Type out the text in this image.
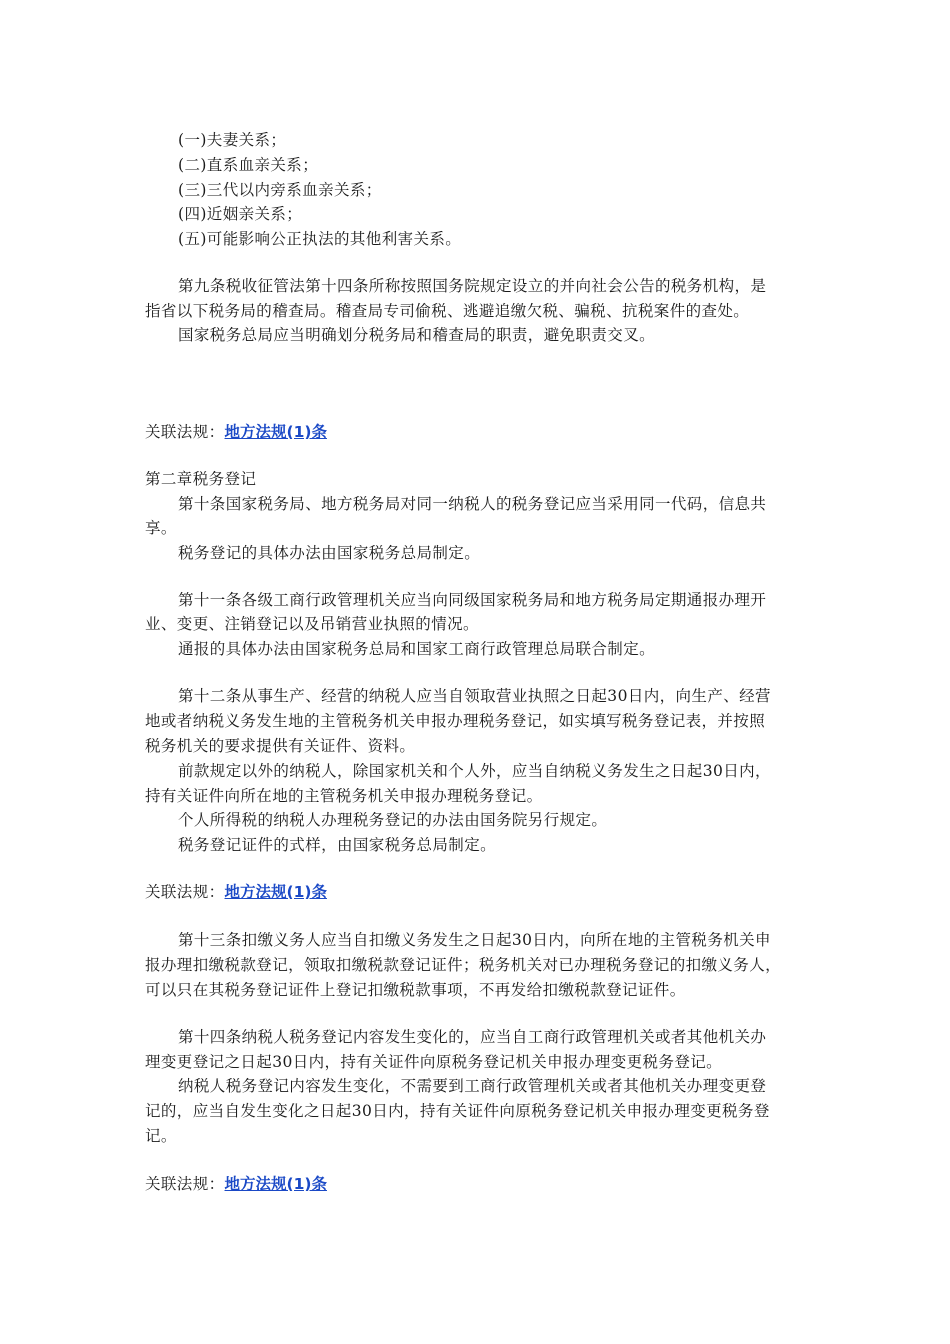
(一)夫妻关系；

(二)直系血亲关系；

(三)三代以内旁系血亲关系；

(四)近姻亲关系；

(五)可能影响公正执法的其他利害关系。

第九条税收征管法第十四条所称按照国务院规定设立的并向社会公告的税务机构，是

指省以下税务局的稽查局。稽查局专司偷税、逃避追缴欠税、骗税、抗税案件的查处。

国家税务总局应当明确划分税务局和稽查局的职责，避免职责交叉。

关联法规：地方法规(1)条

第二章税务登记

第十条国家税务局、地方税务局对同一纳税人的税务登记应当采用同一代码，信息共

享。

税务登记的具体办法由国家税务总局制定。

第十一条各级工商行政管理机关应当向同级国家税务局和地方税务局定期通报办理开

业、变更、注销登记以及吊销营业执照的情况。

通报的具体办法由国家税务总局和国家工商行政管理总局联合制定。

第十二条从事生产、经营的纳税人应当自领取营业执照之日起30日内，向生产、经营

地或者纳税义务发生地的主管税务机关申报办理税务登记，如实填写税务登记表，并按照

税务机关的要求提供有关证件、资料。

前款规定以外的纳税人，除国家机关和个人外，应当自纳税义务发生之日起30日内，

持有关证件向所在地的主管税务机关申报办理税务登记。

个人所得税的纳税人办理税务登记的办法由国务院另行规定。

税务登记证件的式样，由国家税务总局制定。

关联法规：地方法规(1)条

第十三条扣缴义务人应当自扣缴义务发生之日起30日内，向所在地的主管税务机关申

报办理扣缴税款登记，领取扣缴税款登记证件；税务机关对已办理税务登记的扣缴义务人，

可以只在其税务登记证件上登记扣缴税款事项，不再发给扣缴税款登记证件。

第十四条纳税人税务登记内容发生变化的，应当自工商行政管理机关或者其他机关办

理变更登记之日起30日内，持有关证件向原税务登记机关申报办理变更税务登记。

纳税人税务登记内容发生变化，不需要到工商行政管理机关或者其他机关办理变更登

记的，应当自发生变化之日起30日内，持有关证件向原税务登记机关申报办理变更税务登

记。

关联法规：地方法规(1)条
